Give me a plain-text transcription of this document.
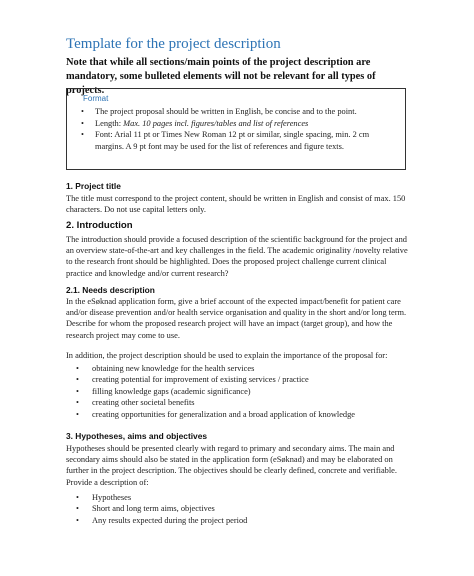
Template for the project description
Note that while all sections/main points of the project description are mandatory, some bulleted elements will not be relevant for all types of projects.
Format
• The project proposal should be written in English, be concise and to the point.
• Length: Max. 10 pages incl. figures/tables and list of references
• Font: Arial 11 pt or Times New Roman 12 pt or similar, single spacing, min. 2 cm margins. A 9 pt font may be used for the list of references and figure texts.
1. Project title
The title must correspond to the project content, should be written in English and consist of max. 150 characters. Do not use capital letters only.
2. Introduction
The introduction should provide a focused description of the scientific background for the project and an overview state-of-the-art and key challenges in the field. The academic originality /novelty relative to the research front should be highlighted. Does the proposed project challenge current clinical practice and knowledge and/or current research?
2.1. Needs description
In the eSøknad application form, give a brief account of the expected impact/benefit for patient care and/or disease prevention and/or health service organisation and quality in the short and/or long term. Describe for whom the proposed research project will have an impact (target group), and how the research project may come to use.
In addition, the project description should be used to explain the importance of the proposal for:
• obtaining new knowledge for the health services
• creating potential for improvement of existing services / practice
• filling knowledge gaps (academic significance)
• creating other societal benefits
• creating opportunities for generalization and a broad application of knowledge
3. Hypotheses, aims and objectives
Hypotheses should be presented clearly with regard to primary and secondary aims. The main and secondary aims should also be stated in the application form (eSøknad) and may be elaborated on further in the project description. The objectives should be clearly defined, concrete and verifiable. Provide a description of:
• Hypotheses
• Short and long term aims, objectives
• Any results expected during the project period
